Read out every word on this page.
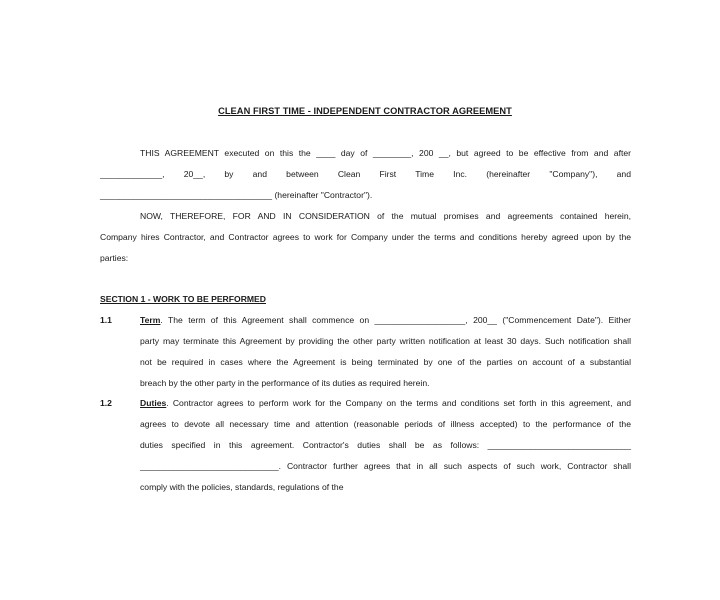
CLEAN FIRST TIME - INDEPENDENT CONTRACTOR AGREEMENT

THIS AGREEMENT executed on this the ____ day of ________, 200 __, but agreed to be effective from and after

_____________, 20__, by and between Clean First Time Inc. (hereinafter "Company"), and

____________________________________ (hereinafter "Contractor").

NOW, THEREFORE, FOR AND IN CONSIDERATION of the mutual promises and agreements contained herein,

Company hires Contractor, and Contractor agrees to work for Company under the terms and conditions hereby agreed upon by the

parties:

SECTION 1 - WORK TO BE PERFORMED
1.1	Term. The term of this Agreement shall commence on ___________________, 200__ ("Commencement Date"). Either

party may terminate this Agreement by providing the other party written notification at least 30 days. Such notification shall

not be required in cases where the Agreement is being terminated by one of the parties on account of a substantial

breach by the other party in the performance of its duties as required herein.

1.2	Duties. Contractor agrees to perform work for the Company on the terms and conditions set forth in this agreement, and

agrees to devote all necessary time and attention (reasonable periods of illness accepted) to the performance of the

duties specified in this agreement. Contractor's duties shall be as follows: ______________________________

_____________________________. Contractor further agrees that in all such aspects of such work, Contractor shall

comply with the policies, standards, regulations of the
